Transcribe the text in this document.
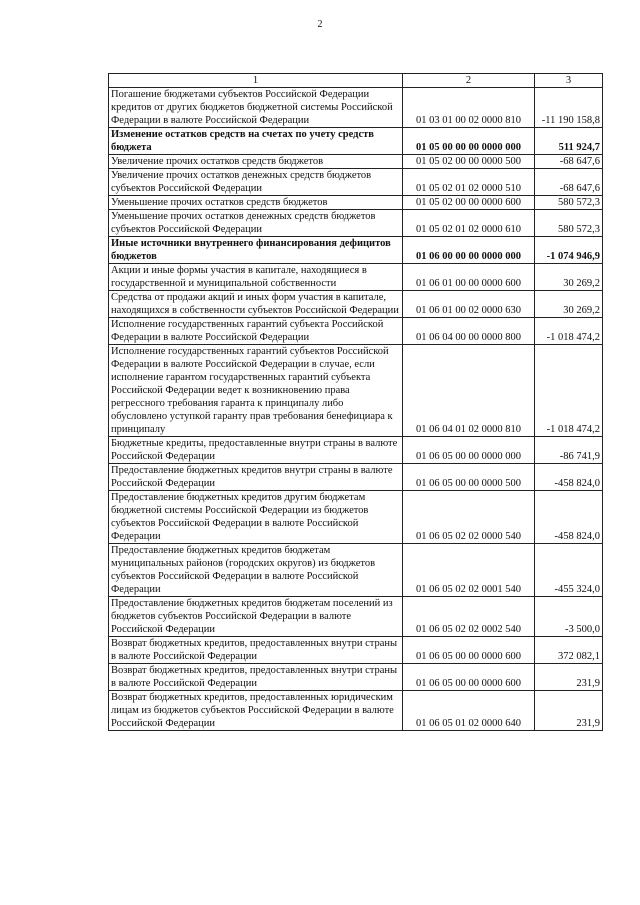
2
1	2	3
Погашение бюджетами субъектов Российской Федерации кредитов от других бюджетов бюджетной системы Российской Федерации в валюте Российской Федерации	01 03 01 00 02 0000 810	-11 190 158,8
Изменение остатков средств на счетах по учету средств бюджета	01 05 00 00 00 0000 000	511 924,7
Увеличение прочих остатков средств бюджетов	01 05 02 00 00 0000 500	-68 647,6
Увеличение прочих остатков денежных средств бюджетов субъектов Российской Федерации	01 05 02 01 02 0000 510	-68 647,6
Уменьшение прочих остатков средств бюджетов	01 05 02 00 00 0000 600	580 572,3
Уменьшение прочих остатков денежных средств бюджетов субъектов Российской Федерации	01 05 02 01 02 0000 610	580 572,3
Иные источники внутреннего финансирования дефицитов бюджетов	01 06 00 00 00 0000 000	-1 074 946,9
Акции и иные формы участия в капитале, находящиеся в государственной и муниципальной собственности	01 06 01 00 00 0000 600	30 269,2
Средства от продажи акций и иных форм участия в капитале, находящихся в собственности субъектов Российской Федерации	01 06 01 00 02 0000 630	30 269,2
Исполнение государственных гарантий субъекта Российской Федерации в валюте Российской Федерации	01 06 04 00 00 0000 800	-1 018 474,2
Исполнение государственных гарантий субъектов Российской Федерации в валюте Российской Федерации в случае, если исполнение гарантом государственных гарантий субъекта Российской Федерации ведет к возникновению права регрессного требования гаранта к принципалу либо обусловлено уступкой гаранту прав требования бенефициара к принципалу	01 06 04 01 02 0000 810	-1 018 474,2
Бюджетные кредиты, предоставленные внутри страны в валюте Российской Федерации	01 06 05 00 00 0000 000	-86 741,9
Предоставление бюджетных кредитов внутри страны в валюте Российской Федерации	01 06 05 00 00 0000 500	-458 824,0
Предоставление бюджетных кредитов другим бюджетам бюджетной системы Российской Федерации из бюджетов субъектов Российской Федерации в валюте Российской Федерации	01 06 05 02 02 0000 540	-458 824,0
Предоставление бюджетных кредитов бюджетам муниципальных районов (городских округов) из бюджетов субъектов Российской Федерации в валюте Российской Федерации	01 06 05 02 02 0001 540	-455 324,0
Предоставление бюджетных кредитов бюджетам поселений из бюджетов субъектов Российской Федерации в валюте Российской Федерации	01 06 05 02 02 0002 540	-3 500,0
Возврат бюджетных кредитов, предоставленных внутри страны в валюте Российской Федерации	01 06 05 00 00 0000 600	372 082,1
Возврат бюджетных кредитов, предоставленных внутри страны в валюте Российской Федерации	01 06 05 00 00 0000 600	231,9
Возврат бюджетных кредитов, предоставленных юридическим лицам из бюджетов субъектов Российской Федерации в валюте Российской Федерации	01 06 05 01 02 0000 640	231,9
